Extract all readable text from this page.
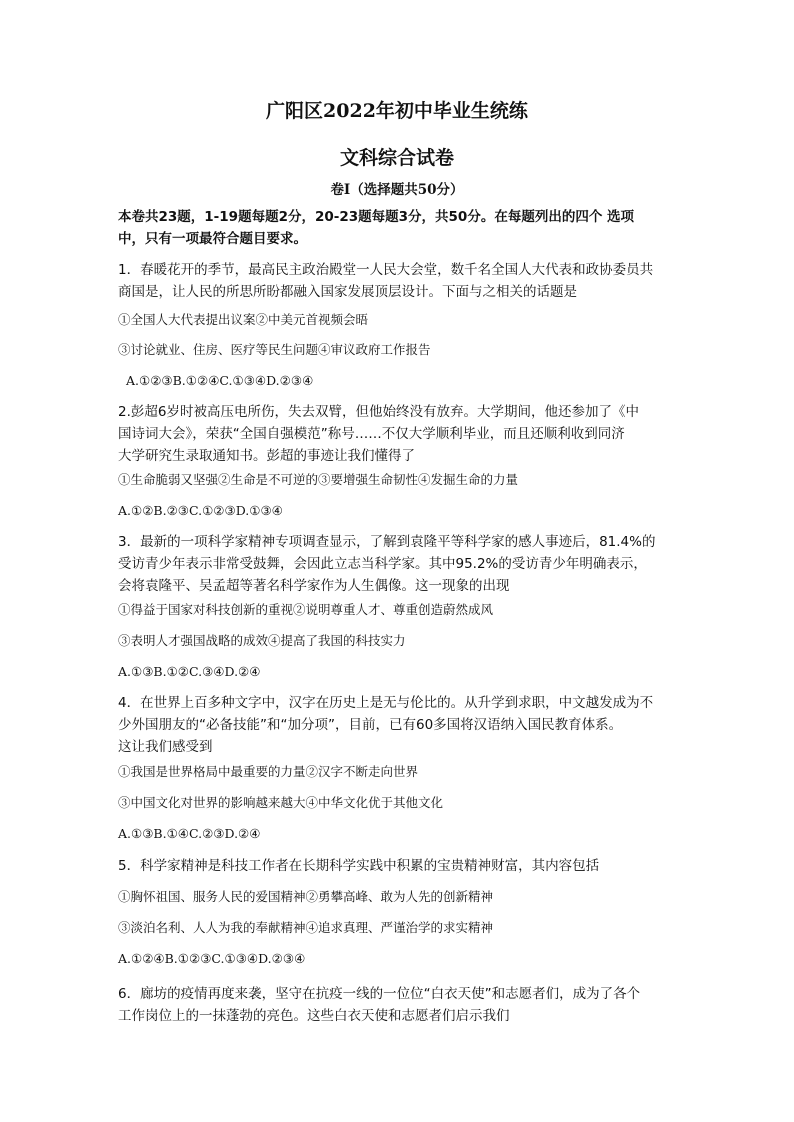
广阳区2022年初中毕业生统练
文科综合试卷
卷Ⅰ（选择题共50分）
本卷共23题，1-19题每题2分，20-23题每题3分，共50分。在每题列出的四个 选项
中，只有一项最符合题目要求。
1．春暖花开的季节，最高民主政治殿堂一人民大会堂，数千名全国人大代表和政协委员共
商国是，让人民的所思所盼都融入国家发展顶层设计。下面与之相关的话题是
①全国人大代表提出议案②中美元首视频会晤
③讨论就业、住房、医疗等民生问题④审议政府工作报告
A.①②③B.①②④C.①③④D.②③④
2.彭超6岁时被高压电所伤，失去双臂，但他始终没有放弃。大学期间，他还参加了《中
国诗词大会》，荣获“全国自强模范”称号……不仅大学顺利毕业，而且还顺利收到同济
大学研究生录取通知书。彭超的事迹让我们懂得了
①生命脆弱又坚强②生命是不可逆的③要增强生命韧性④发掘生命的力量
A.①②B.②③C.①②③D.①③④
3．最新的一项科学家精神专项调查显示，了解到袁隆平等科学家的感人事迹后，81.4%的
受访青少年表示非常受鼓舞，会因此立志当科学家。其中95.2%的受访青少年明确表示，
会将袁隆平、吴孟超等著名科学家作为人生偶像。这一现象的出现
①得益于国家对科技创新的重视②说明尊重人才、尊重创造蔚然成风
③表明人才强国战略的成效④提高了我国的科技实力
A.①③B.①②C.③④D.②④
4．在世界上百多种文字中，汉字在历史上是无与伦比的。从升学到求职，中文越发成为不
少外国朋友的“必备技能”和“加分项”，目前，已有60多国将汉语纳入国民教育体系。
这让我们感受到
①我国是世界格局中最重要的力量②汉字不断走向世界
③中国文化对世界的影响越来越大④中华文化优于其他文化
A.①③B.①④C.②③D.②④
5．科学家精神是科技工作者在长期科学实践中积累的宝贵精神财富，其内容包括
①胸怀祖国、服务人民的爱国精神②勇攀高峰、敢为人先的创新精神
③淡泊名利、人人为我的奉献精神④追求真理、严谨治学的求实精神
A.①②④B.①②③C.①③④D.②③④
6．廊坊的疫情再度来袭，坚守在抗疫一线的一位位“白衣天使”和志愿者们，成为了各个
工作岗位上的一抹蓬勃的亮色。这些白衣天使和志愿者们启示我们
